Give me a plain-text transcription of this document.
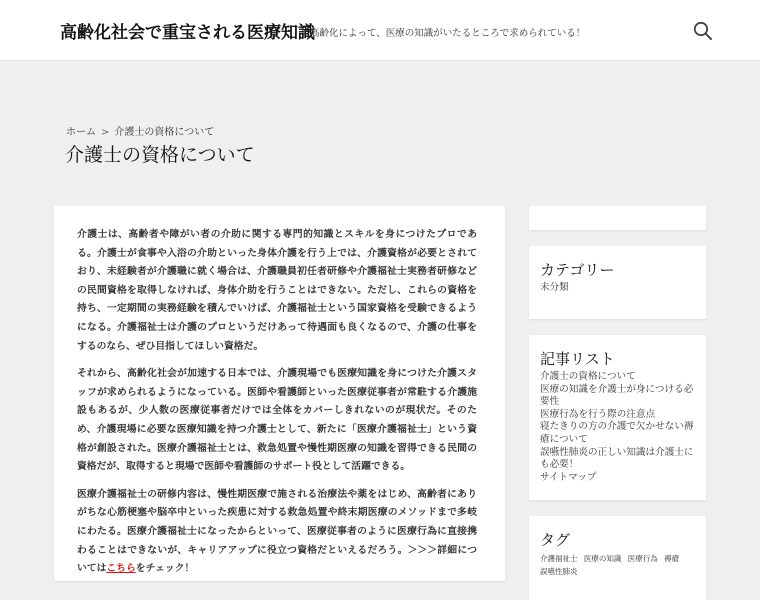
高齢化社会で重宝される医療知識
高齢化によって、医療の知識がいたるところで求められている！
ホーム > 介護士の資格について
介護士の資格について

介護士は、高齢者や障がい者の介助に関する専門的知識とスキルを身につけたプロである。介護士が食事や入浴の介助といった身体介護を行う上では、介護資格が必要とされており、未経験者が介護職に就く場合は、介護職員初任者研修や介護福祉士実務者研修などの民間資格を取得しなければ、身体介助を行うことはできない。ただし、これらの資格を持ち、一定期間の実務経験を積んでいけば、介護福祉士という国家資格を受験できるようになる。介護福祉士は介護のプロというだけあって待遇面も良くなるので、介護の仕事をするのなら、ぜひ目指してほしい資格だ。

それから、高齢化社会が加速する日本では、介護現場でも医療知識を身につけた介護スタッフが求められるようになっている。医師や看護師といった医療従事者が常駐する介護施設もあるが、少人数の医療従事者だけでは全体をカバーしきれないのが現状だ。そのため、介護現場に必要な医療知識を持つ介護士として、新たに「医療介護福祉士」という資格が創設された。医療介護福祉士とは、救急処置や慢性期医療の知識を習得できる民間の資格だが、取得すると現場で医師や看護師のサポート役として活躍できる。

医療介護福祉士の研修内容は、慢性期医療で施される治療法や薬をはじめ、高齢者にありがちな心筋梗塞や脳卒中といった疾患に対する救急処置や終末期医療のメソッドまで多岐にわたる。医療介護福祉士になったからといって、医療従事者のように医療行為に直接携わることはできないが、キャリアアップに役立つ資格だといえるだろう。＞＞＞詳細についてはこちらをチェック！

カテゴリー
未分類
記事リスト
介護士の資格について
医療の知識を介護士が身につける必要性
医療行為を行う際の注意点
寝たきりの方の介護で欠かせない褥瘡について
誤嚥性肺炎の正しい知識は介護士にも必要！
サイトマップ
タグ
介護福祉士 医療の知識 医療行為 褥瘡
誤嚥性肺炎
